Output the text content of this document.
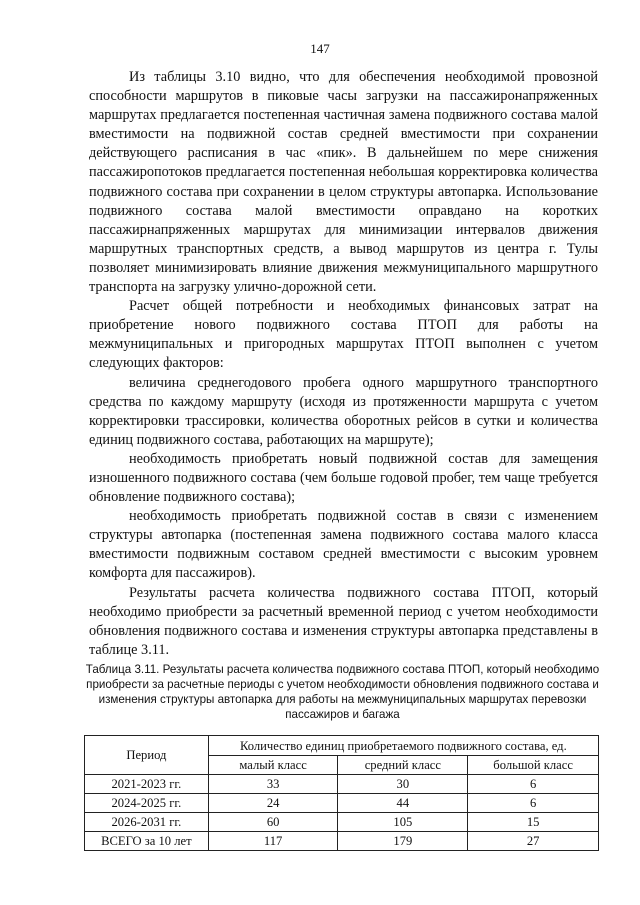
147

Из таблицы 3.10 видно, что для обеспечения необходимой провозной способности маршрутов в пиковые часы загрузки на пассажиронапряженных маршрутах предлагается постепенная частичная замена подвижного состава малой вместимости на подвижной состав средней вместимости при сохранении действующего расписания в час «пик». В дальнейшем по мере снижения пассажиропотоков предлагается постепенная небольшая корректировка количества подвижного состава при сохранении в целом структуры автопарка. Использование подвижного состава малой вместимости оправдано на коротких пассажирнапряженных маршрутах для минимизации интервалов движения маршрутных транспортных средств, а вывод маршрутов из центра г. Тулы позволяет минимизировать влияние движения межмуниципального маршрутного транспорта на загрузку улично-дорожной сети.

Расчет общей потребности и необходимых финансовых затрат на приобретение нового подвижного состава ПТОП для работы на межмуниципальных и пригородных маршрутах ПТОП выполнен с учетом следующих факторов:

величина среднегодового пробега одного маршрутного транспортного средства по каждому маршруту (исходя из протяженности маршрута с учетом корректировки трассировки, количества оборотных рейсов в сутки и количества единиц подвижного состава, работающих на маршруте);

необходимость приобретать новый подвижной состав для замещения изношенного подвижного состава (чем больше годовой пробег, тем чаще требуется обновление подвижного состава);

необходимость приобретать подвижной состав в связи с изменением структуры автопарка (постепенная замена подвижного состава малого класса вместимости подвижным составом средней вместимости с высоким уровнем комфорта для пассажиров).

Результаты расчета количества подвижного состава ПТОП, который необходимо приобрести за расчетный временной период с учетом необходимости обновления подвижного состава и изменения структуры автопарка представлены в таблице 3.11.

Таблица 3.11. Результаты расчета количества подвижного состава ПТОП, который необходимо приобрести за расчетные периоды с учетом необходимости обновления подвижного состава и изменения структуры автопарка для работы на межмуниципальных маршрутах перевозки пассажиров и багажа
Период	Количество единиц приобретаемого подвижного состава, ед.		
	малый класс	средний класс	большой класс
2021-2023 гг.	33	30	6
2024-2025 гг.	24	44	6
2026-2031 гг.	60	105	15
ВСЕГО за 10 лет	117	179	27
